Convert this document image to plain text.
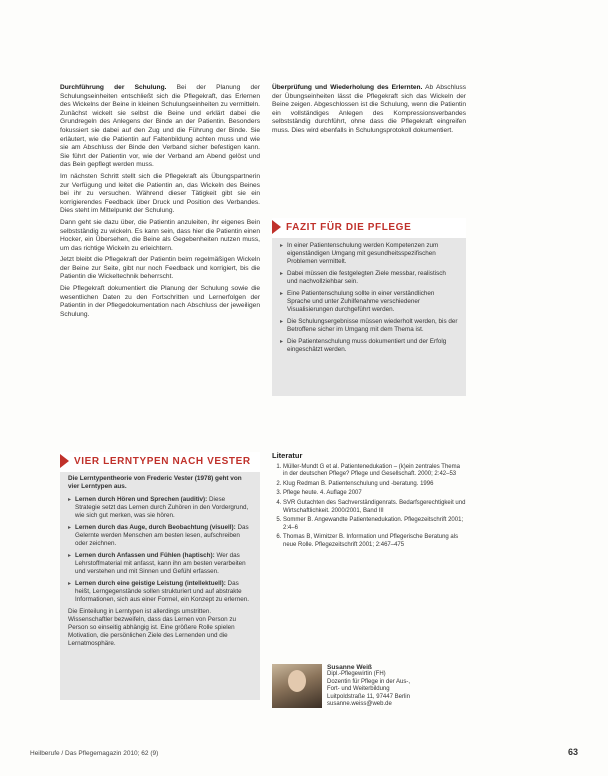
Durchführung der Schulung. Bei der Planung der Schulungseinheiten entschließt sich die Pflegekraft, das Erlernen des Wickelns der Beine in kleinen Schulungseinheiten zu vermitteln. Zunächst wickelt sie selbst die Beine und erklärt dabei die Grundregeln des Anlegens der Binde an der Patientin. Besonders fokussiert sie dabei auf den Zug und die Führung der Binde. Sie erläutert, wie die Patientin auf Faltenbildung achten muss und wie sie am Abschluss der Binde den Verband sicher befestigen kann. Sie führt der Patientin vor, wie der Verband am Abend gelöst und das Bein gepflegt werden muss.

Im nächsten Schritt stellt sich die Pflegekraft als Übungspartnerin zur Verfügung und leitet die Patientin an, das Wickeln des Beines bei ihr zu versuchen. Während dieser Tätigkeit gibt sie ein korrigierendes Feedback über Druck und Position des Verbandes. Dies steht im Mittelpunkt der Schulung.

Dann geht sie dazu über, die Patientin anzuleiten, ihr eigenes Bein selbstständig zu wickeln. Es kann sein, dass hier die Patientin einen Hocker, ein Übersehen, die Beine als Gegebenheiten nutzen muss, um das richtige Wickeln zu erleichtern.

Jetzt bleibt die Pflegekraft der Patientin beim regelmäßigen Wickeln der Beine zur Seite, gibt nur noch Feedback und korrigiert, bis die Patientin die Wickeltechnik beherrscht.

Die Pflegekraft dokumentiert die Planung der Schulung sowie die wesentlichen Daten zu den Fortschritten und Lernerfolgen der Patientin in der Pflegedokumentation nach Abschluss der jeweiligen Schulung.

Überprüfung und Wiederholung des Erlernten. Ab Abschluss der Übungseinheiten lässt die Pflegekraft sich das Wickeln der Beine zeigen. Abgeschlossen ist die Schulung, wenn die Patientin ein vollständiges Anlegen des Kompressionsverbandes selbstständig durchführt, ohne dass die Pflegekraft eingreifen muss. Dies wird ebenfalls in Schulungsprotokoll dokumentiert.

FAZIT FÜR DIE PFLEGE
▸ In einer Patientenschulung werden Kompetenzen zum eigenständigen Umgang mit gesundheitsspezifischen Problemen vermittelt.
▸ Dabei müssen die festgelegten Ziele messbar, realistisch und nachvollziehbar sein.
▸ Eine Patientenschulung sollte in einer verständlichen Sprache und unter Zuhilfenahme verschiedener Visualisierungen durchgeführt werden.
▸ Die Schulungsergebnisse müssen wiederholt werden, bis der Betroffene sicher im Umgang mit dem Thema ist.
▸ Die Patientenschulung muss dokumentiert und der Erfolg eingeschätzt werden.
VIER LERNTYPEN NACH VESTER
Die Lerntypentheorie von Frederic Vester (1978) geht von vier Lerntypen aus.
▸ Lernen durch Hören und Sprechen (auditiv): Diese Strategie setzt das Lernen durch Zuhören in den Vordergrund, wie sich gut merken, was sie hören.
▸ Lernen durch das Auge, durch Beobachtung (visuell): Das Gelernte werden Menschen am besten lesen, aufschreiben oder zeichnen.
▸ Lernen durch Anfassen und Fühlen (haptisch): Wer das Lehrstoffmaterial mit anfasst, kann ihn am besten verarbeiten und verstehen und mit Sinnen und Gefühl erfassen.
▸ Lernen durch eine geistige Leistung (intellektuell): Das heißt, Lerngegenstände sollen strukturiert und auf abstrakte Informationen, sich aus einer Formel, ein Konzept zu erlernen.
Die Einteilung in Lerntypen ist allerdings umstritten. Wissenschaftler bezweifeln, dass das Lernen von Person zu Person so einseitig abhängig ist. Eine größere Rolle spielen Motivation, die persönlichen Ziele des Lernenden und die Lernatmosphäre.
Literatur
1. Müller-Mundt G et al. Patientenedukation – (k)ein zentrales Thema in der deutschen Pflege? Pflege und Gesellschaft. 2000; 2:42–53
2. Klug Redman B. Patientenschulung und -beratung. 1996
3. Pflege heute. 4. Auflage 2007
4. SVR Gutachten des Sachverständigenrats. Bedarfsgerechtigkeit und Wirtschaftlichkeit. 2000/2001, Band III
5. Sommer B. Angewandte Patientenedukation. Pflegezeitschrift 2001; 2:4–6
6. Thomas B, Wirnitzer B. Information und Pflegerische Beratung als neue Rolle. Pflegezeitschrift 2001; 2:467–475
Susanne Weiß
Dipl.-Pflegewirtin (FH)
Dozentin für Pflege in der Aus-,
Fort- und Weiterbildung
Luitpoldstraße 11, 97447 Berlin
susanne.weiss@web.de
Heilberufe / Das Pflegemagazin 2010; 62 (9)	63
